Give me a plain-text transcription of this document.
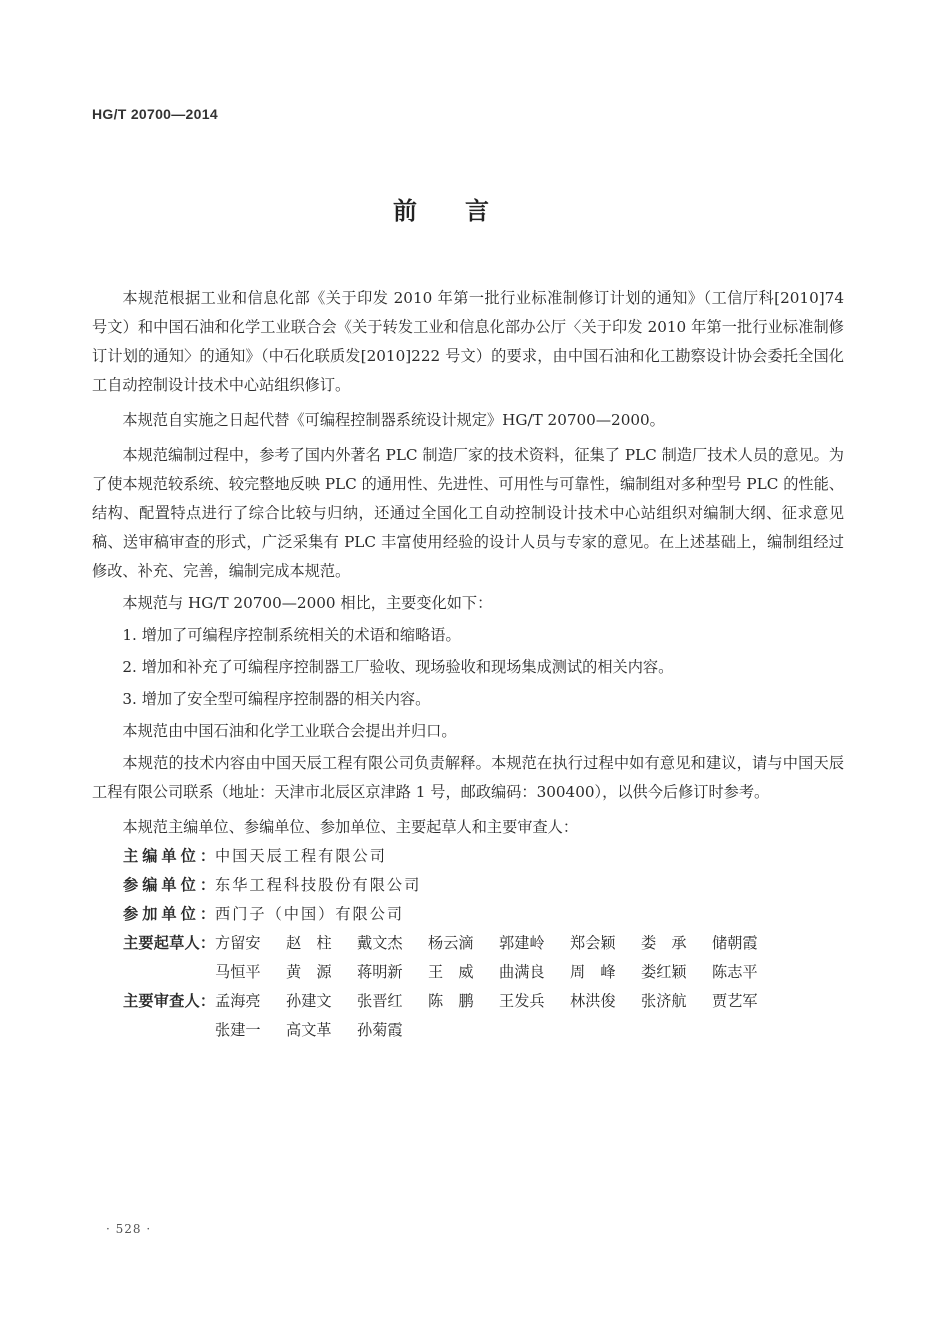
HG/T 20700—2014
前言

本规范根据工业和信息化部《关于印发 2010 年第一批行业标准制修订计划的通知》（工信厅科[2010]74 号文）和中国石油和化学工业联合会《关于转发工业和信息化部办公厅〈关于印发 2010 年第一批行业标准制修订计划的通知〉的通知》（中石化联质发[2010]222 号文）的要求，由中国石油和化工勘察设计协会委托全国化工自动控制设计技术中心站组织修订。

本规范自实施之日起代替《可编程控制器系统设计规定》HG/T 20700—2000。

本规范编制过程中，参考了国内外著名 PLC 制造厂家的技术资料，征集了 PLC 制造厂技术人员的意见。为了使本规范较系统、较完整地反映 PLC 的通用性、先进性、可用性与可靠性，编制组对多种型号 PLC 的性能、结构、配置特点进行了综合比较与归纳，还通过全国化工自动控制设计技术中心站组织对编制大纲、征求意见稿、送审稿审查的形式，广泛采集有 PLC 丰富使用经验的设计人员与专家的意见。在上述基础上，编制组经过修改、补充、完善，编制完成本规范。

本规范与 HG/T 20700—2000 相比，主要变化如下：

1. 增加了可编程序控制系统相关的术语和缩略语。

2. 增加和补充了可编程序控制器工厂验收、现场验收和现场集成测试的相关内容。

3. 增加了安全型可编程序控制器的相关内容。

本规范由中国石油和化学工业联合会提出并归口。

本规范的技术内容由中国天辰工程有限公司负责解释。本规范在执行过程中如有意见和建议，请与中国天辰工程有限公司联系（地址：天津市北辰区京津路 1 号，邮政编码：300400），以供今后修订时参考。

本规范主编单位、参编单位、参加单位、主要起草人和主要审查人：

主编单位： 中国天辰工程有限公司
参编单位： 东华工程科技股份有限公司
参加单位： 西门子（中国）有限公司
主要起草人： 方留安	赵　柱	戴文杰	杨云滴	郭建岭	郑会颖	娄　承	储朝霞
马恒平	黄　源	蒋明新	王　威	曲满良	周　峰	娄红颖	陈志平
主要审查人： 孟海亮	孙建文	张晋红	陈　鹏	王发兵	林洪俊	张济航	贾艺军
张建一	高文革	孙菊霞
· 528 ·
